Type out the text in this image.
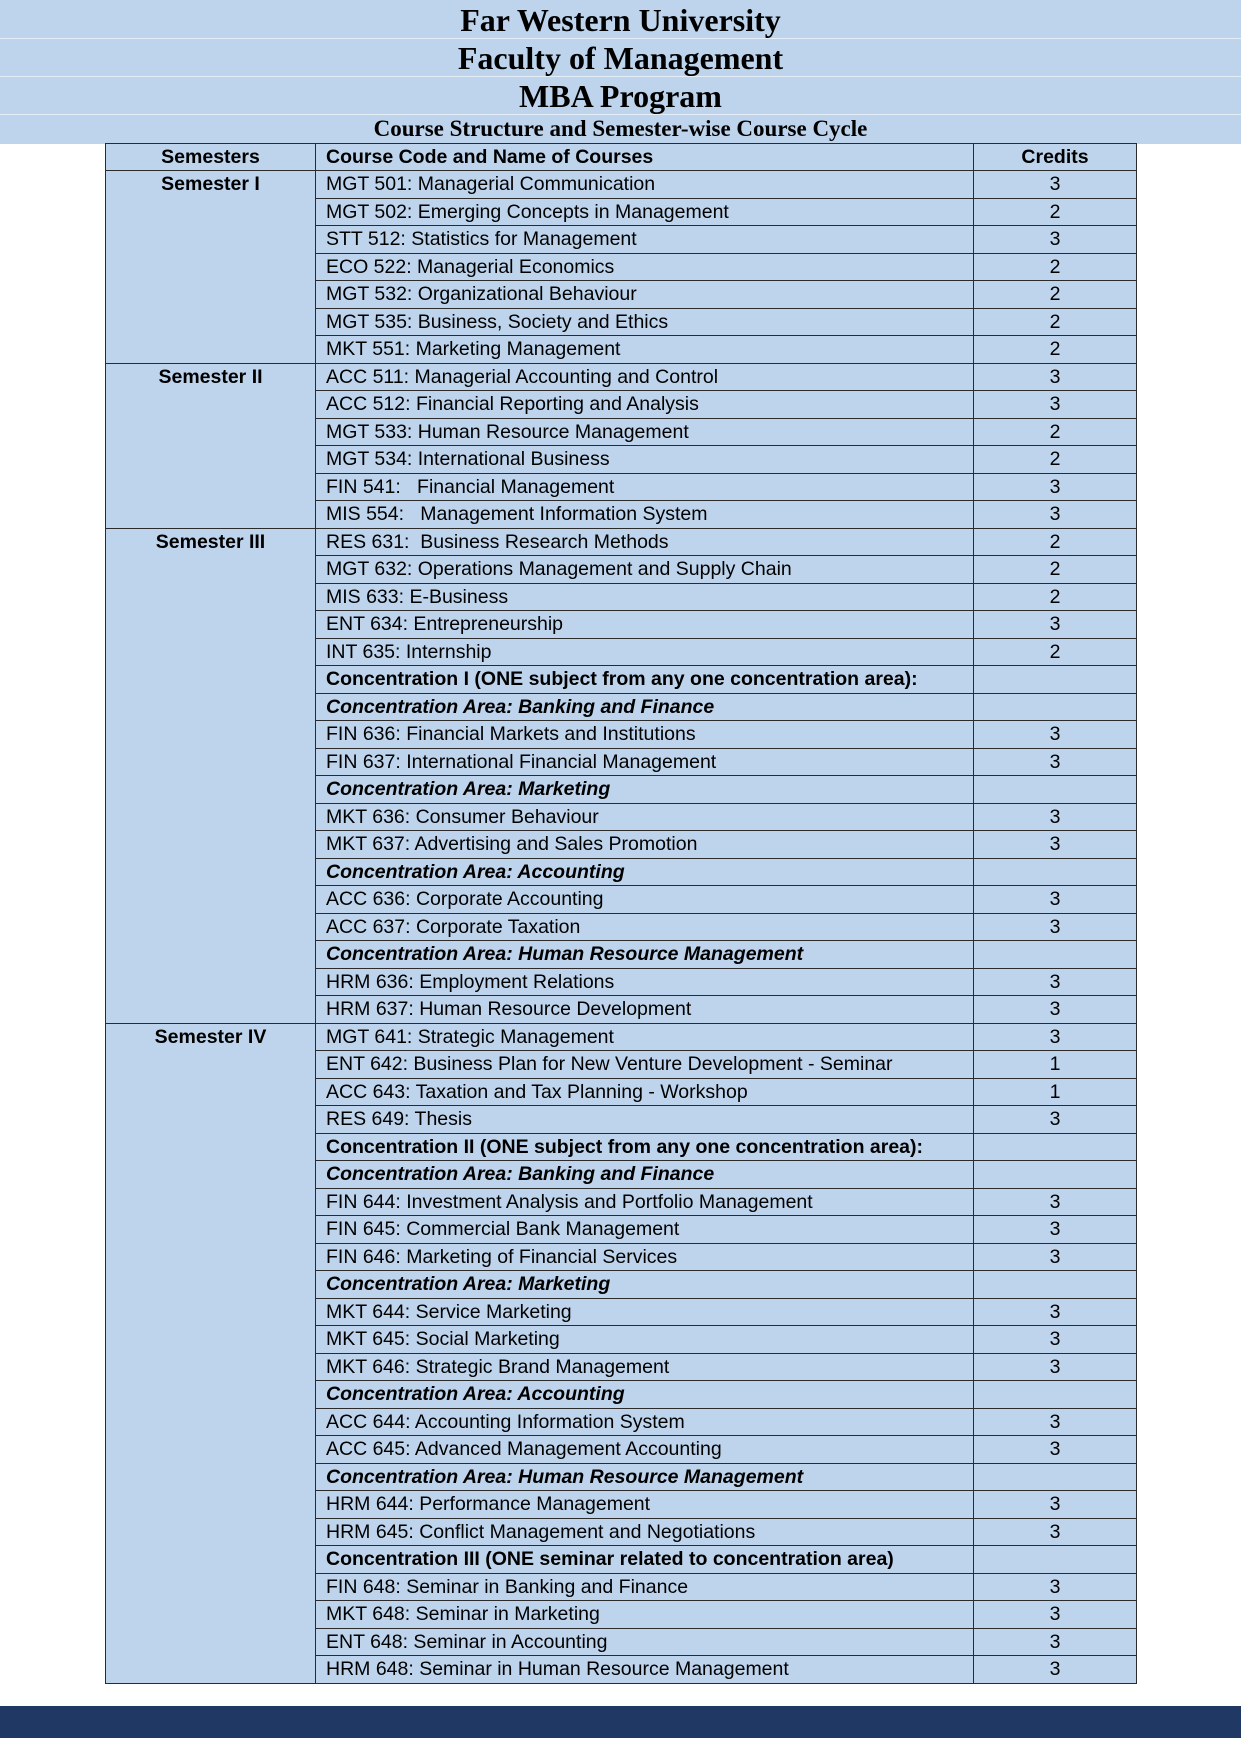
Far Western University
Faculty of Management
MBA Program
Course Structure and Semester-wise Course Cycle
Semesters	Course Code and Name of Courses	Credits
Semester I	MGT 501: Managerial Communication	3
	MGT 502: Emerging Concepts in Management	2
	STT 512: Statistics for Management	3
	ECO 522: Managerial Economics	2
	MGT 532: Organizational Behaviour	2
	MGT 535: Business, Society and Ethics	2
	MKT 551: Marketing Management	2
Semester II	ACC 511: Managerial Accounting and Control	3
	ACC 512: Financial Reporting and Analysis	3
	MGT 533: Human Resource Management	2
	MGT 534: International Business	2
	FIN 541:   Financial Management	3
	MIS 554:   Management Information System	3
Semester III	RES 631:  Business Research Methods	2
	MGT 632: Operations Management and Supply Chain	2
	MIS 633: E-Business	2
	ENT 634: Entrepreneurship	3
	INT 635: Internship	2
	Concentration I (ONE subject from any one concentration area):	
	Concentration Area: Banking and Finance	
	FIN 636: Financial Markets and Institutions	3
	FIN 637: International Financial Management	3
	Concentration Area: Marketing	
	MKT 636: Consumer Behaviour	3
	MKT 637: Advertising and Sales Promotion	3
	Concentration Area: Accounting	
	ACC 636: Corporate Accounting	3
	ACC 637: Corporate Taxation	3
	Concentration Area: Human Resource Management	
	HRM 636: Employment Relations	3
	HRM 637: Human Resource Development	3
Semester IV	MGT 641: Strategic Management	3
	ENT 642: Business Plan for New Venture Development - Seminar	1
	ACC 643: Taxation and Tax Planning - Workshop	1
	RES 649: Thesis	3
	Concentration II (ONE subject from any one concentration area):	
	Concentration Area: Banking and Finance	
	FIN 644: Investment Analysis and Portfolio Management	3
	FIN 645: Commercial Bank Management	3
	FIN 646: Marketing of Financial Services	3
	Concentration Area: Marketing	
	MKT 644: Service Marketing	3
	MKT 645: Social Marketing	3
	MKT 646: Strategic Brand Management	3
	Concentration Area: Accounting	
	ACC 644: Accounting Information System	3
	ACC 645: Advanced Management Accounting	3
	Concentration Area: Human Resource Management	
	HRM 644: Performance Management	3
	HRM 645: Conflict Management and Negotiations	3
	Concentration III (ONE seminar related to concentration area)	
	FIN 648: Seminar in Banking and Finance	3
	MKT 648: Seminar in Marketing	3
	ENT 648: Seminar in Accounting	3
	HRM 648: Seminar in Human Resource Management	3
